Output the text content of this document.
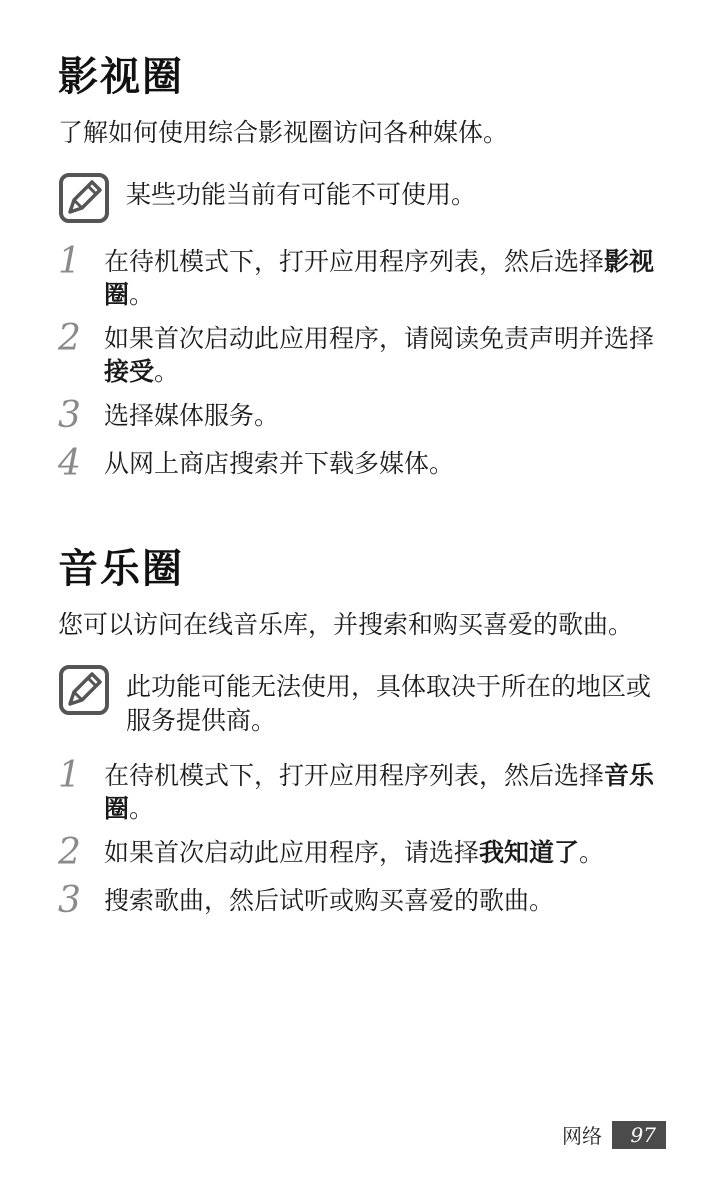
影视圈

了解如何使用综合影视圈访问各种媒体。

某些功能当前有可能不可使用。
1 在待机模式下，打开应用程序列表，然后选择影视圈。
2 如果首次启动此应用程序，请阅读免责声明并选择接受。
3 选择媒体服务。
4 从网上商店搜索并下载多媒体。
音乐圈

您可以访问在线音乐库，并搜索和购买喜爱的歌曲。

此功能可能无法使用，具体取决于所在的地区或服务提供商。
1 在待机模式下，打开应用程序列表，然后选择音乐圈。
2 如果首次启动此应用程序，请选择我知道了。
3 搜索歌曲，然后试听或购买喜爱的歌曲。
网络	97
